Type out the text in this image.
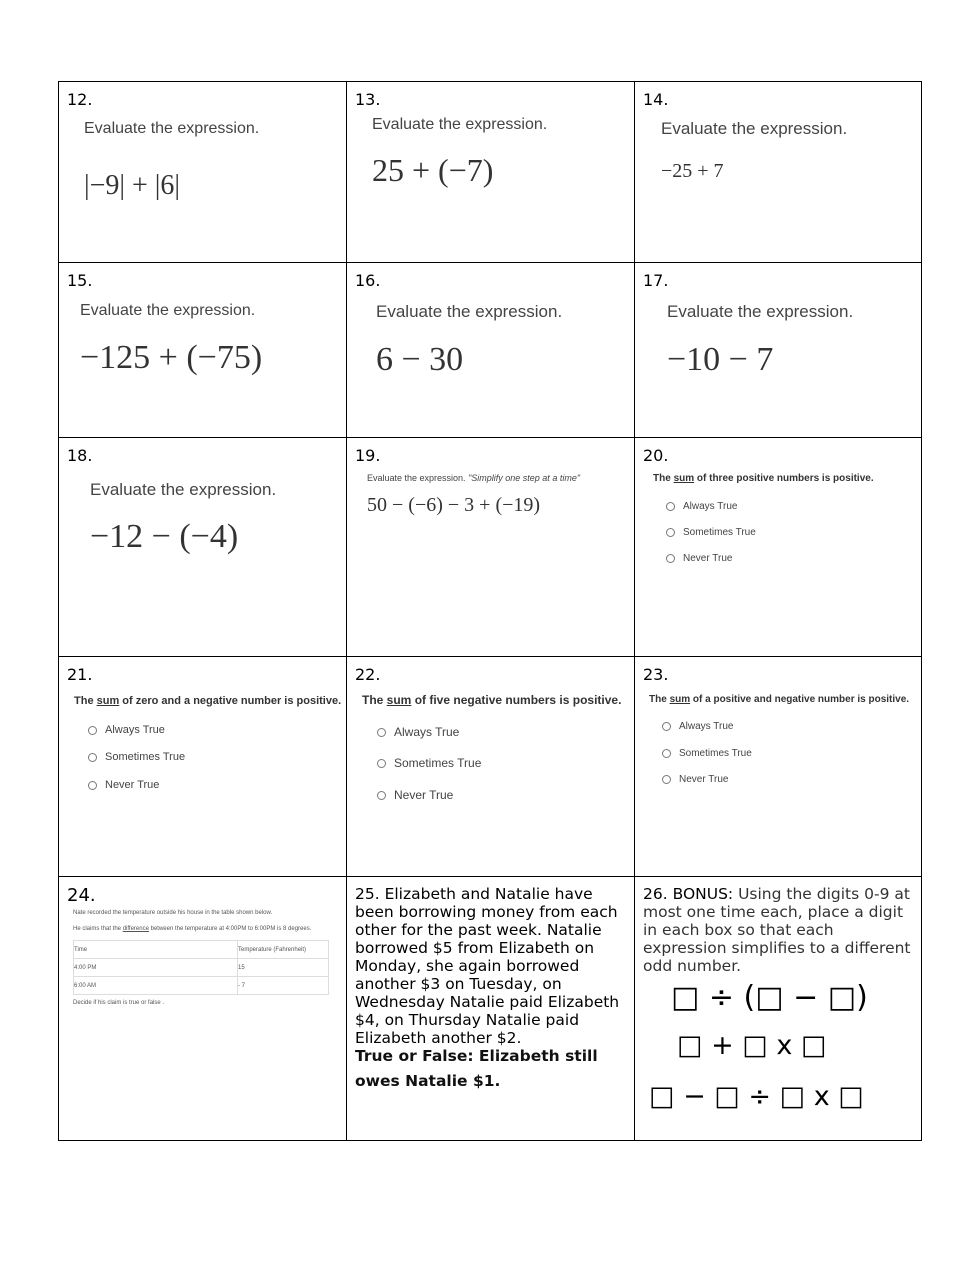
12.
Evaluate the expression.
|−9| + |6|

13.
Evaluate the expression.
25 + (−7)

14.
Evaluate the expression.
−25 + 7

15.
Evaluate the expression.
−125 + (−75)

16.
Evaluate the expression.
6 − 30

17.
Evaluate the expression.
−10 − 7

18.
Evaluate the expression.
−12 − (−4)

19.
Evaluate the expression. "Simplify one step at a time"
50 − (−6) − 3 + (−19)

20.
The sum of three positive numbers is positive.
Always True
Sometimes True
Never True

21.
The sum of zero and a negative number is positive.
Always True
Sometimes True
Never True

22.
The sum of five negative numbers is positive.
Always True
Sometimes True
Never True

23.
The sum of a positive and negative number is positive.
Always True
Sometimes True
Never True

24.
Nate recorded the temperature outside his house in the table shown below.
He claims that the difference between the temperature at 4:00PM to 6:00PM is 8 degrees.
Time	Temperature (Fahrenheit)
4:00 PM	15
6:00 AM	- 7
Decide if his claim is true or false .

25. Elizabeth and Natalie have been borrowing money from each other for the past week. Natalie borrowed $5 from Elizabeth on Monday, she again borrowed another $3 on Tuesday, on Wednesday Natalie paid Elizabeth $4, on Thursday Natalie paid Elizabeth another $2.
True or False: Elizabeth still
owes Natalie $1.

26. BONUS: Using the digits 0-9 at most one time each, place a digit in each box so that each expression simplifies to a different odd number.
□ ÷ (□ − □)
□ + □ x □
□ − □ ÷ □ x □
